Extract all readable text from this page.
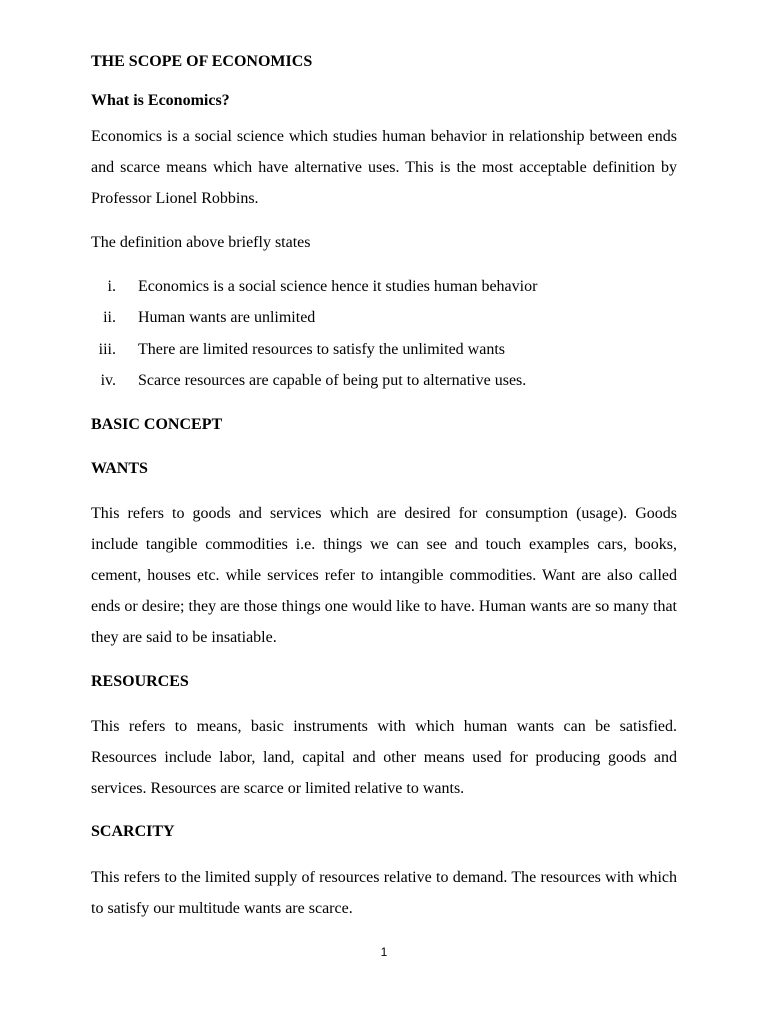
THE SCOPE OF ECONOMICS
What is Economics?

Economics is a social science which studies human behavior in relationship between ends and scarce means which have alternative uses. This is the most acceptable definition by Professor Lionel Robbins.

The definition above briefly states
i. Economics is a social science hence it studies human behavior
ii. Human wants are unlimited
iii. There are limited resources to satisfy the unlimited wants
iv. Scarce resources are capable of being put to alternative uses.
BASIC CONCEPT
WANTS

This refers to goods and services which are desired for consumption (usage). Goods include tangible commodities i.e. things we can see and touch examples cars, books, cement, houses etc. while services refer to intangible commodities. Want are also called ends or desire; they are those things one would like to have. Human wants are so many that they are said to be insatiable.

RESOURCES

This refers to means, basic instruments with which human wants can be satisfied. Resources include labor, land, capital and other means used for producing goods and services. Resources are scarce or limited relative to wants.

SCARCITY

This refers to the limited supply of resources relative to demand. The resources with which to satisfy our multitude wants are scarce.

1
